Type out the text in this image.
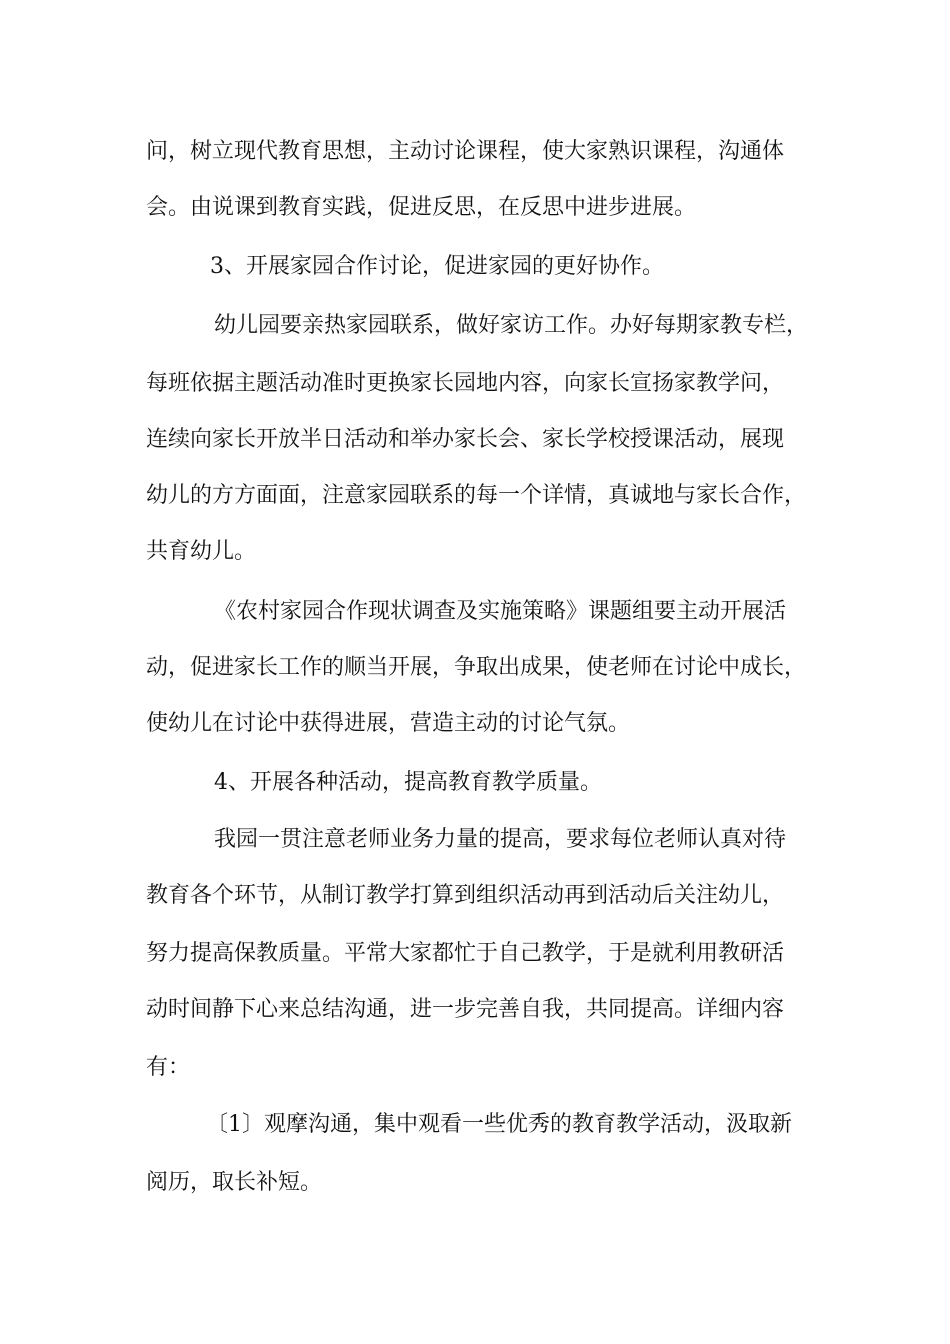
问，树立现代教育思想，主动讨论课程，使大家熟识课程，沟通体
会。由说课到教育实践，促进反思，在反思中进步进展。
3、开展家园合作讨论，促进家园的更好协作。
幼儿园要亲热家园联系，做好家访工作。办好每期家教专栏，
每班依据主题活动准时更换家长园地内容，向家长宣扬家教学问，
连续向家长开放半日活动和举办家长会、家长学校授课活动，展现
幼儿的方方面面，注意家园联系的每一个详情，真诚地与家长合作，
共育幼儿。
《农村家园合作现状调查及实施策略》课题组要主动开展活
动，促进家长工作的顺当开展，争取出成果，使老师在讨论中成长，
使幼儿在讨论中获得进展，营造主动的讨论气氛。
4、开展各种活动，提高教育教学质量。
我园一贯注意老师业务力量的提高，要求每位老师认真对待
教育各个环节，从制订教学打算到组织活动再到活动后关注幼儿，
努力提高保教质量。平常大家都忙于自己教学，于是就利用教研活
动时间静下心来总结沟通，进一步完善自我，共同提高。详细内容
有：
〔1〕观摩沟通，集中观看一些优秀的教育教学活动，汲取新
阅历，取长补短。
